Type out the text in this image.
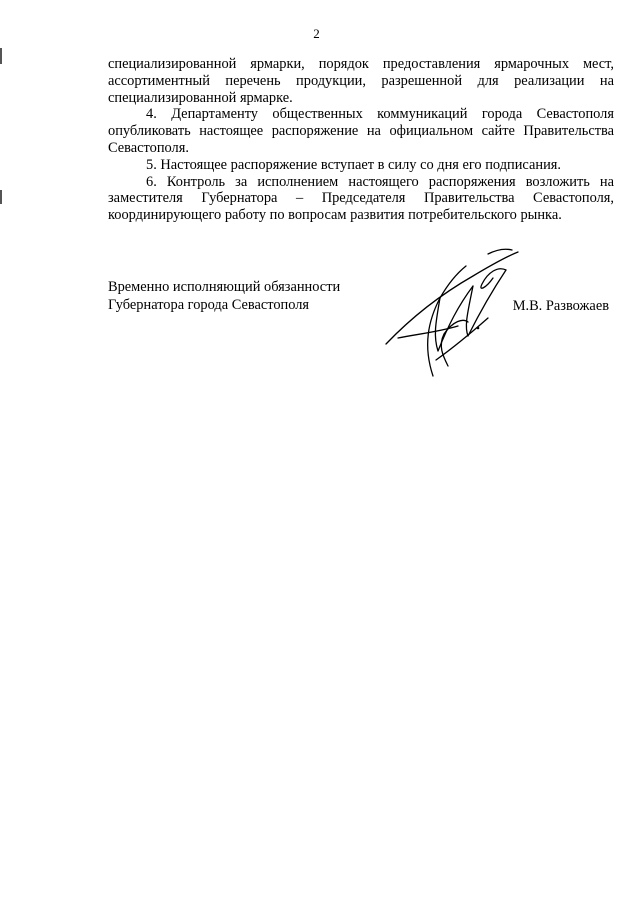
2

специализированной ярмарки, порядок предоставления ярмарочных мест, ассортиментный перечень продукции, разрешенной для реализации на специализированной ярмарке.

4. Департаменту общественных коммуникаций города Севастополя опубликовать настоящее распоряжение на официальном сайте Правительства Севастополя.

5. Настоящее распоряжение вступает в силу со дня его подписания.

6. Контроль за исполнением настоящего распоряжения возложить на заместителя Губернатора – Председателя Правительства Севастополя, координирующего работу по вопросам развития потребительского рынка.

Временно исполняющий обязанности
Губернатора города Севастополя	М.В. Развожаев
